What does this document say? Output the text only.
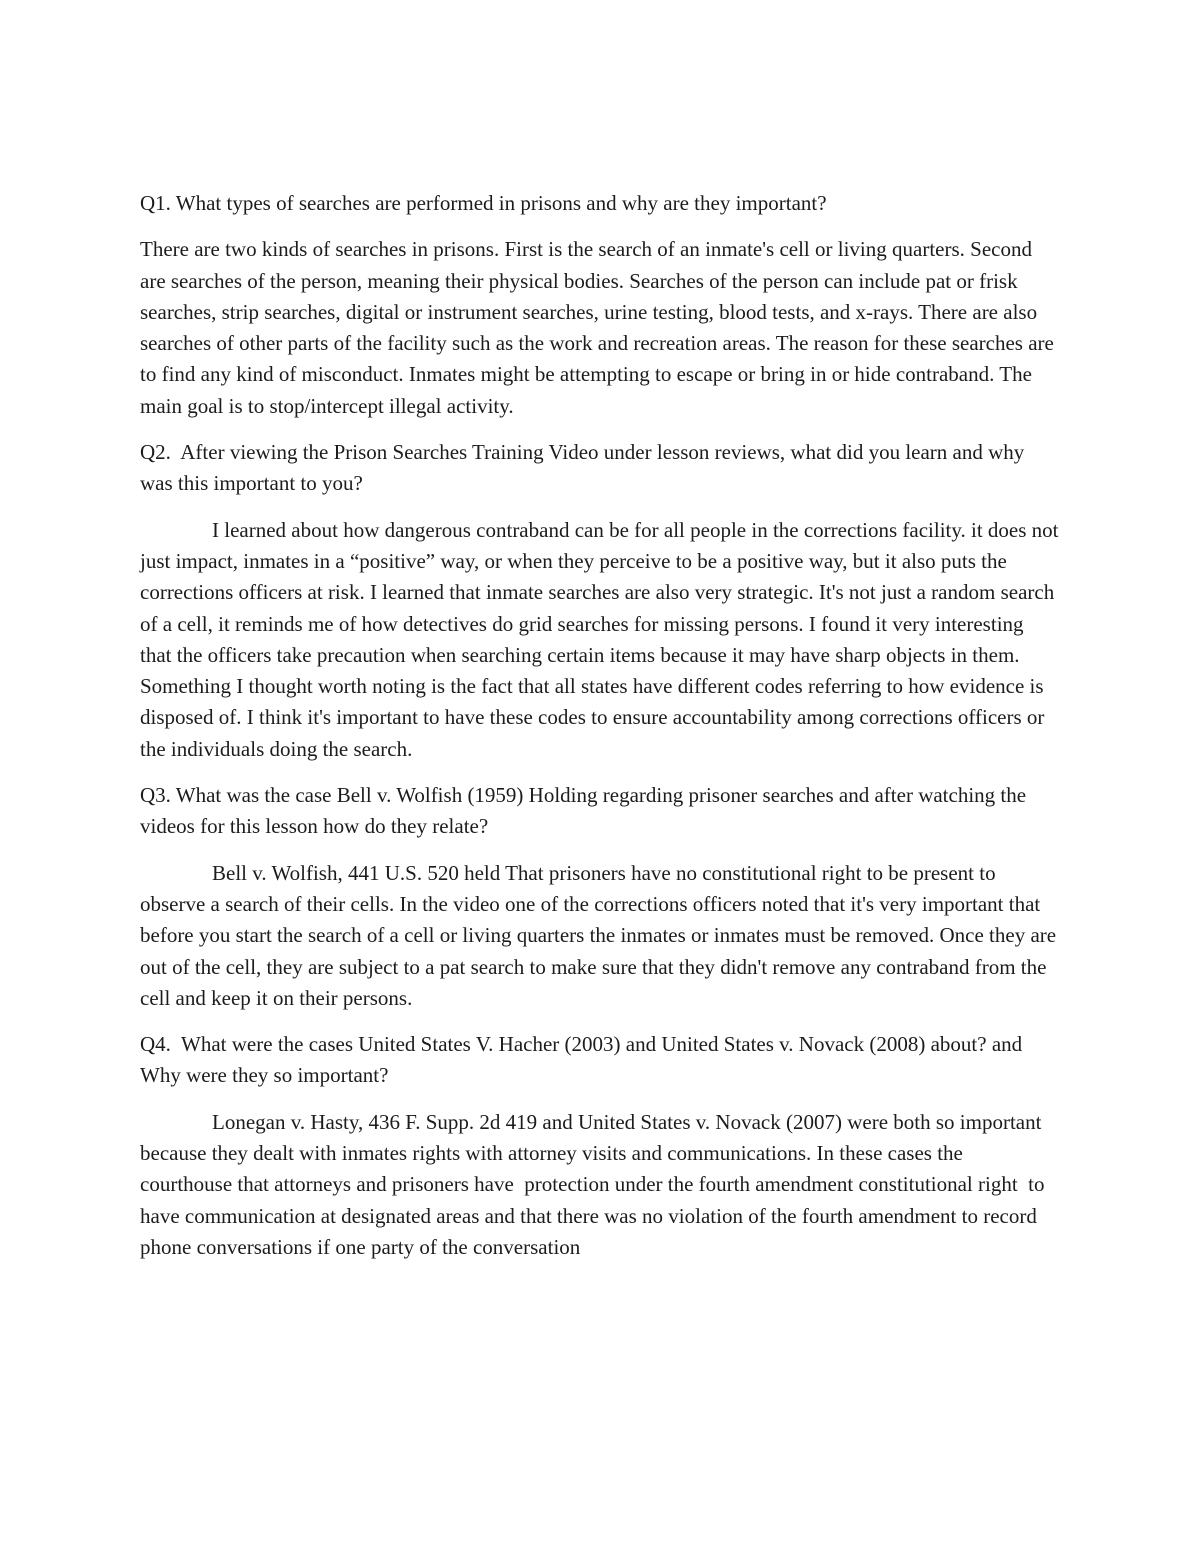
Q1. What types of searches are performed in prisons and why are they important?

There are two kinds of searches in prisons. First is the search of an inmate's cell or living quarters. Second are searches of the person, meaning their physical bodies. Searches of the person can include pat or frisk searches, strip searches, digital or instrument searches, urine testing, blood tests, and x-rays. There are also searches of other parts of the facility such as the work and recreation areas. The reason for these searches are to find any kind of misconduct. Inmates might be attempting to escape or bring in or hide contraband. The main goal is to stop/intercept illegal activity.

Q2.  After viewing the Prison Searches Training Video under lesson reviews, what did you learn and why was this important to you?

I learned about how dangerous contraband can be for all people in the corrections facility. it does not just impact, inmates in a “positive” way, or when they perceive to be a positive way, but it also puts the corrections officers at risk. I learned that inmate searches are also very strategic. It's not just a random search of a cell, it reminds me of how detectives do grid searches for missing persons. I found it very interesting that the officers take precaution when searching certain items because it may have sharp objects in them. Something I thought worth noting is the fact that all states have different codes referring to how evidence is disposed of. I think it's important to have these codes to ensure accountability among corrections officers or the individuals doing the search.

Q3. What was the case Bell v. Wolfish (1959) Holding regarding prisoner searches and after watching the videos for this lesson how do they relate?

Bell v. Wolfish, 441 U.S. 520 held That prisoners have no constitutional right to be present to observe a search of their cells. In the video one of the corrections officers noted that it's very important that before you start the search of a cell or living quarters the inmates or inmates must be removed. Once they are out of the cell, they are subject to a pat search to make sure that they didn't remove any contraband from the cell and keep it on their persons.

Q4.  What were the cases United States V. Hacher (2003) and United States v. Novack (2008) about? and Why were they so important?

Lonegan v. Hasty, 436 F. Supp. 2d 419 and United States v. Novack (2007) were both so important because they dealt with inmates rights with attorney visits and communications. In these cases the courthouse that attorneys and prisoners have  protection under the fourth amendment constitutional right  to have communication at designated areas and that there was no violation of the fourth amendment to record phone conversations if one party of the conversation
